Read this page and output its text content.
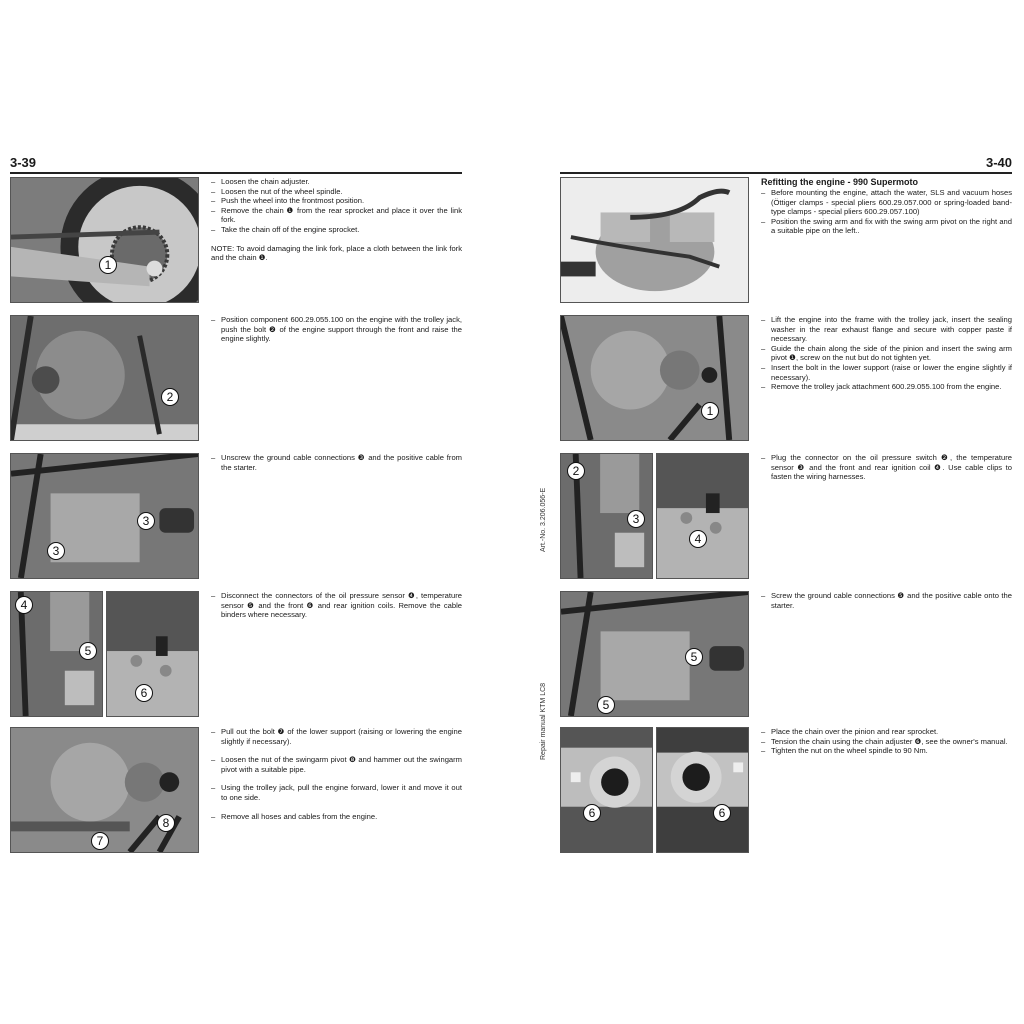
3-39
1
– Loosen the chain adjuster.
– Loosen the nut of the wheel spindle.
– Push the wheel into the frontmost position.
– Remove the chain ❶ from the rear sprocket and place it over the link fork.
– Take the chain off of the engine sprocket.
NOTE: To avoid damaging the link fork, place a cloth between the link fork and the chain ❶.
2
– Position component 600.29.055.100 on the engine with the trolley jack, push the bolt ❷ of the engine support through the front and raise the engine slightly.
3
3
– Unscrew the ground cable connections ❸ and the positive cable from the starter.
4
5
6
– Disconnect the connectors of the oil pressure sensor ❹, temperature sensor ❺ and the front ❻ and rear ignition coils. Remove the cable binders where necessary.
7
8
– Pull out the bolt ❼ of the lower support (raising or lowering the engine slightly if necessary).
– Loosen the nut of the swingarm pivot ❽ and hammer out the swingarm pivot with a suitable pipe.
– Using the trolley jack, pull the engine forward, lower it and move it out to one side.
– Remove all hoses and cables from the engine.
Art.-No. 3.206.056-E
Repair manual KTM LC8
3-40
Refitting the engine - 990 Supermoto
– Before mounting the engine, attach the water, SLS and vacuum hoses (Öttiger clamps - special pliers 600.29.057.000 or spring-loaded band-type clamps - special pliers 600.29.057.100)
– Position the swing arm and fix with the swing arm pivot on the right and a suitable pipe on the left..
1
– Lift the engine into the frame with the trolley jack, insert the sealing washer in the rear exhaust flange and secure with copper paste if necessary.
– Guide the chain along the side of the pinion and insert the swing arm pivot ❶, screw on the nut but do not tighten yet.
– Insert the bolt in the lower support (raise or lower the engine slightly if necessary).
– Remove the trolley jack attachment 600.29.055.100 from the engine.
2
3
4
– Plug the connector on the oil pressure switch ❷, the temperature sensor ❸ and the front and rear ignition coil ❹. Use cable clips to fasten the wiring harnesses.
5
5
– Screw the ground cable connections ❺ and the positive cable onto the starter.
6	6
– Place the chain over the pinion and rear sprocket.
– Tension the chain using the chain adjuster ❻, see the owner's manual.
– Tighten the nut on the wheel spindle to 90 Nm.
